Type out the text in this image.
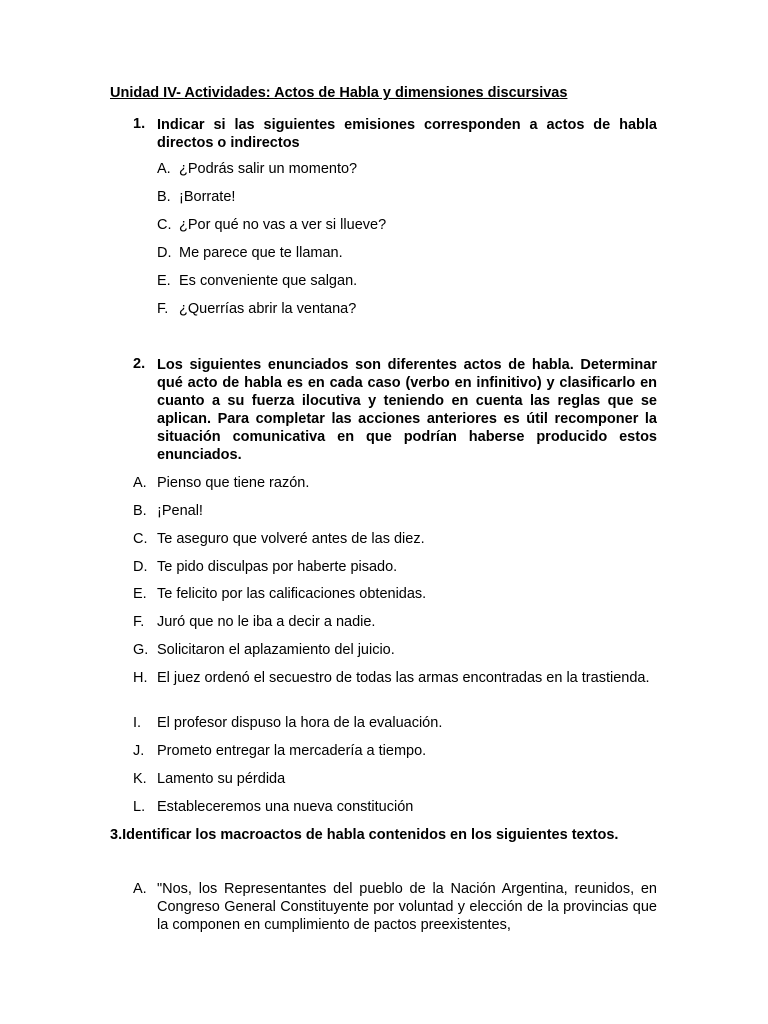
Unidad IV- Actividades: Actos de Habla y dimensiones discursivas
1. Indicar si las siguientes emisiones corresponden a actos de habla directos o indirectos
A. ¿Podrás salir un momento?
B. ¡Borrate!
C. ¿Por qué no vas a ver si llueve?
D. Me parece que te llaman.
E. Es conveniente que salgan.
F. ¿Querrías abrir la ventana?
2. Los siguientes enunciados son diferentes actos de habla. Determinar qué acto de habla es en cada caso (verbo en infinitivo) y clasificarlo en cuanto a su fuerza ilocutiva y teniendo en cuenta las reglas que se aplican. Para completar las acciones anteriores es útil recomponer la situación comunicativa en que podrían haberse producido estos enunciados.
A. Pienso que tiene razón.
B. ¡Penal!
C. Te aseguro que volveré antes de las diez.
D. Te pido disculpas por haberte pisado.
E. Te felicito por las calificaciones obtenidas.
F. Juró que no le iba a decir a nadie.
G. Solicitaron el aplazamiento del juicio.
H. El juez ordenó el secuestro de todas las armas encontradas en la trastienda.
I. El profesor dispuso la hora de la evaluación.
J. Prometo entregar la mercadería a tiempo.
K. Lamento su pérdida
L. Estableceremos una nueva constitución
3.Identificar los macroactos de habla contenidos en los siguientes textos.
A. "Nos, los Representantes del pueblo de la Nación Argentina, reunidos, en Congreso General Constituyente por voluntad y elección de la provincias que la componen en cumplimiento de pactos preexistentes,
